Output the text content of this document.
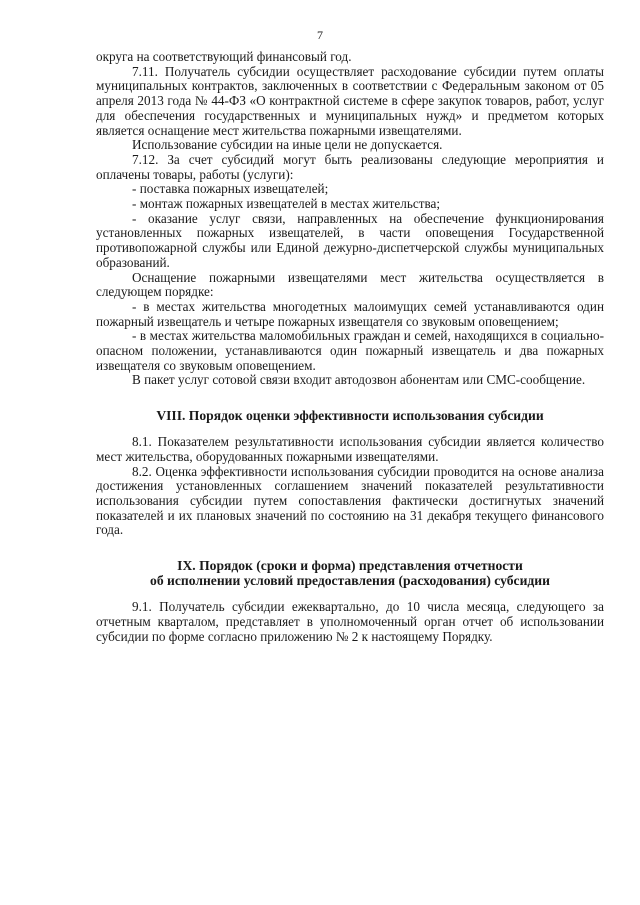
7

округа на соответствующий финансовый год.

7.11. Получатель субсидии осуществляет расходование субсидии путем оплаты муниципальных контрактов, заключенных в соответствии с Федеральным законом от 05 апреля 2013 года № 44-ФЗ «О контрактной системе в сфере закупок товаров, работ, услуг для обеспечения государственных и муниципальных нужд» и предметом которых является оснащение мест жительства пожарными извещателями.

Использование субсидии на иные цели не допускается.

7.12. За счет субсидий могут быть реализованы следующие мероприятия и оплачены товары, работы (услуги):

- поставка пожарных извещателей;

- монтаж пожарных извещателей в местах жительства;

- оказание услуг связи, направленных на обеспечение функционирования установленных пожарных извещателей, в части оповещения Государственной противопожарной службы или Единой дежурно-диспетчерской службы муниципальных образований.

Оснащение пожарными извещателями мест жительства осуществляется в следующем порядке:

- в местах жительства многодетных малоимущих семей устанавливаются один пожарный извещатель и четыре пожарных извещателя со звуковым оповещением;

- в местах жительства маломобильных граждан и семей, находящихся в социально-опасном положении, устанавливаются один пожарный извещатель и два пожарных извещателя со звуковым оповещением.

В пакет услуг сотовой связи входит автодозвон абонентам или СМС-сообщение.

VIII. Порядок оценки эффективности использования субсидии

8.1. Показателем результативности использования субсидии является количество мест жительства, оборудованных пожарными извещателями.

8.2. Оценка эффективности использования субсидии проводится на основе анализа достижения установленных соглашением значений показателей результативности использования субсидии путем сопоставления фактически достигнутых значений показателей и их плановых значений по состоянию на 31 декабря текущего финансового года.

IX. Порядок (сроки и форма) представления отчетности

об исполнении условий предоставления (расходования) субсидии

9.1. Получатель субсидии ежеквартально, до 10 числа месяца, следующего за отчетным кварталом, представляет в уполномоченный орган отчет об использовании субсидии по форме согласно приложению № 2 к настоящему Порядку.
